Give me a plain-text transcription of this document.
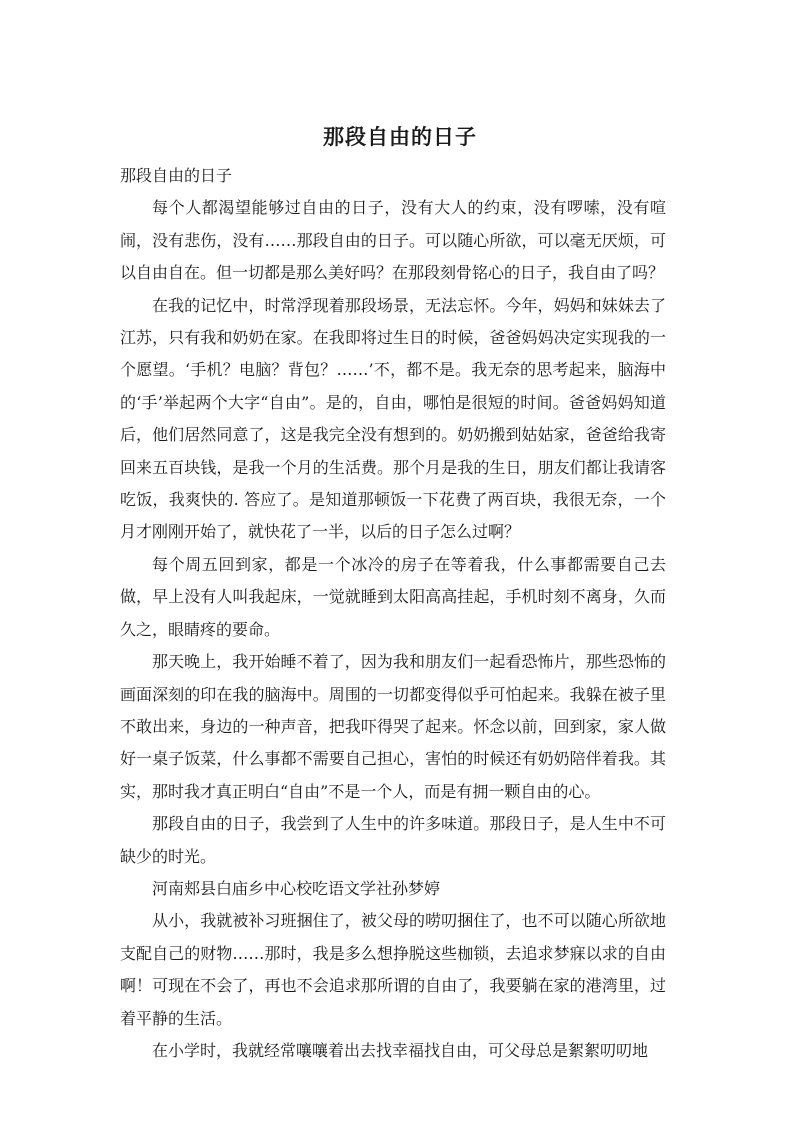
那段自由的日子

那段自由的日子

每个人都渴望能够过自由的日子，没有大人的约束，没有啰嗦，没有喧闹，没有悲伤，没有……那段自由的日子。可以随心所欲，可以毫无厌烦，可以自由自在。但一切都是那么美好吗？在那段刻骨铭心的日子，我自由了吗？

在我的记忆中，时常浮现着那段场景，无法忘怀。今年，妈妈和妹妹去了江苏，只有我和奶奶在家。在我即将过生日的时候，爸爸妈妈决定实现我的一个愿望。‘手机？电脑？背包？……’不，都不是。我无奈的思考起来，脑海中的‘手’举起两个大字“自由”。是的，自由，哪怕是很短的时间。爸爸妈妈知道后，他们居然同意了，这是我完全没有想到的。奶奶搬到姑姑家，爸爸给我寄回来五百块钱，是我一个月的生活费。那个月是我的生日，朋友们都让我请客吃饭，我爽快的. 答应了。是知道那顿饭一下花费了两百块，我很无奈，一个月才刚刚开始了，就快花了一半，以后的日子怎么过啊？

每个周五回到家，都是一个冰冷的房子在等着我，什么事都需要自己去做，早上没有人叫我起床，一觉就睡到太阳高高挂起，手机时刻不离身，久而久之，眼睛疼的要命。

那天晚上，我开始睡不着了，因为我和朋友们一起看恐怖片，那些恐怖的画面深刻的印在我的脑海中。周围的一切都变得似乎可怕起来。我躲在被子里不敢出来，身边的一种声音，把我吓得哭了起来。怀念以前，回到家，家人做好一桌子饭菜，什么事都不需要自己担心，害怕的时候还有奶奶陪伴着我。其实，那时我才真正明白“自由”不是一个人，而是有拥一颗自由的心。

那段自由的日子，我尝到了人生中的许多味道。那段日子，是人生中不可缺少的时光。

河南郏县白庙乡中心校吃语文学社孙梦婷

从小，我就被补习班捆住了，被父母的唠叨捆住了，也不可以随心所欲地支配自己的财物……那时，我是多么想挣脱这些枷锁，去追求梦寐以求的自由啊！可现在不会了，再也不会追求那所谓的自由了，我要躺在家的港湾里，过着平静的生活。

在小学时，我就经常嚷嚷着出去找幸福找自由，可父母总是絮絮叨叨地
